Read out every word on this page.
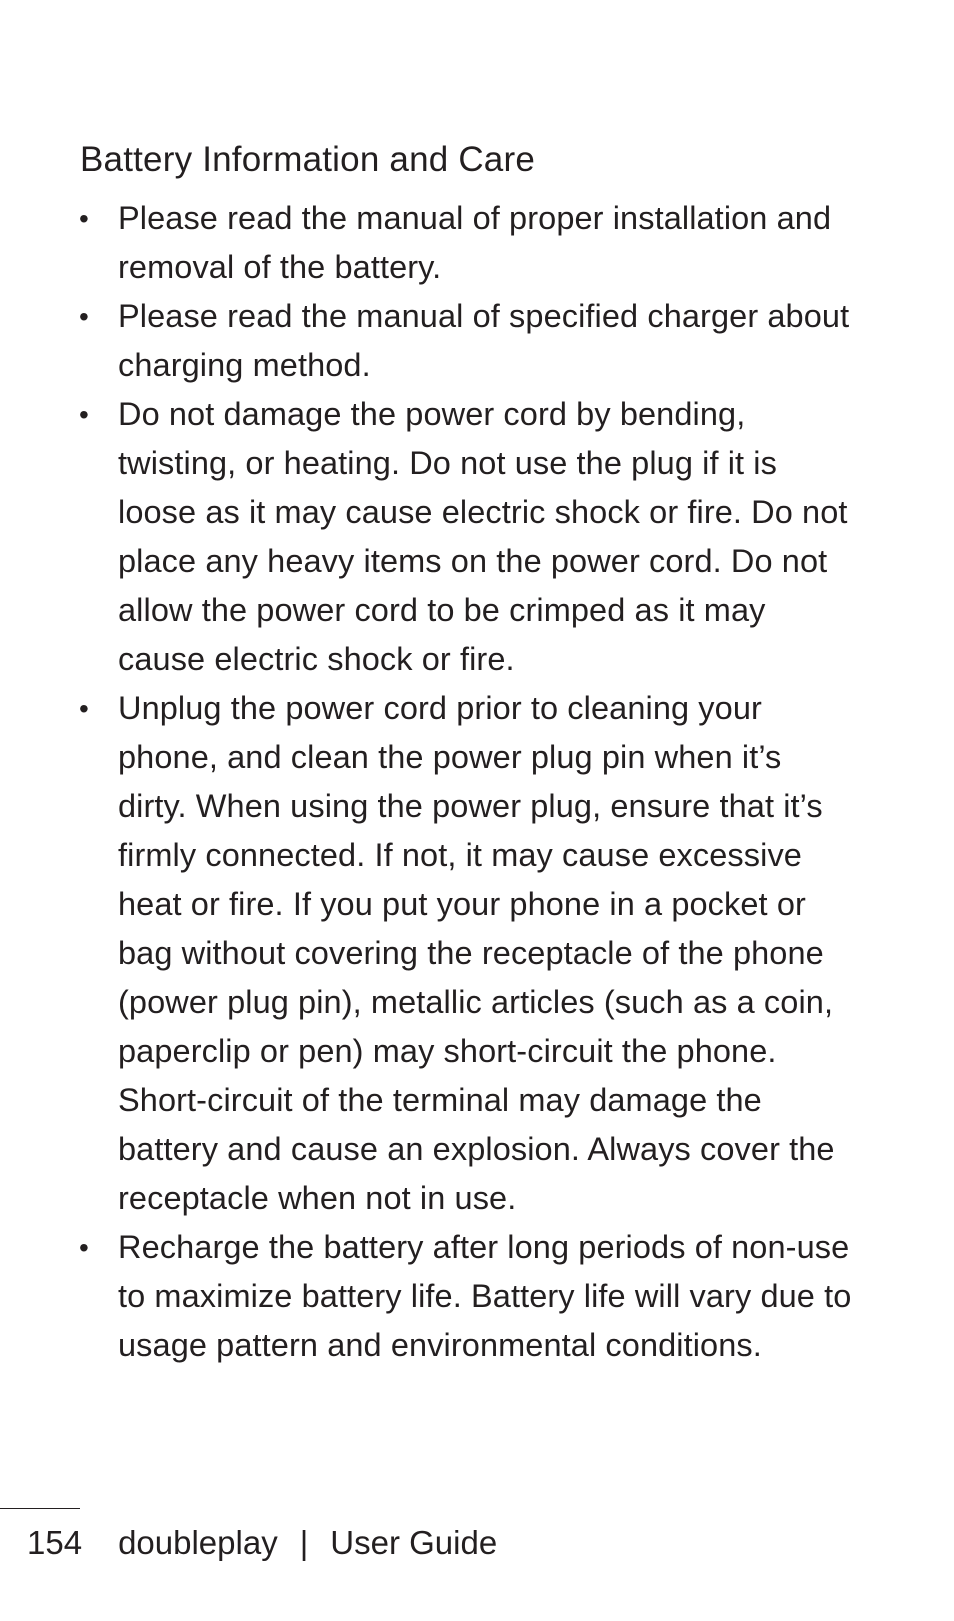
Battery Information and Care
• Please read the manual of proper installation and removal of the battery.
• Please read the manual of specified charger about charging method.
• Do not damage the power cord by bending, twisting, or heating. Do not use the plug if it is loose as it may cause electric shock or fire. Do not place any heavy items on the power cord. Do not allow the power cord to be crimped as it may cause electric shock or fire.
• Unplug the power cord prior to cleaning your phone, and clean the power plug pin when it’s dirty. When using the power plug, ensure that it’s firmly connected. If not, it may cause excessive heat or fire. If you put your phone in a pocket or bag without covering the receptacle of the phone (power plug pin), metallic articles (such as a coin, paperclip or pen) may short-circuit the phone. Short-circuit of the terminal may damage the battery and cause an explosion. Always cover the receptacle when not in use.
• Recharge the battery after long periods of non-use to maximize battery life. Battery life will vary due to usage pattern and environmental conditions.
154 doubleplay | User Guide
